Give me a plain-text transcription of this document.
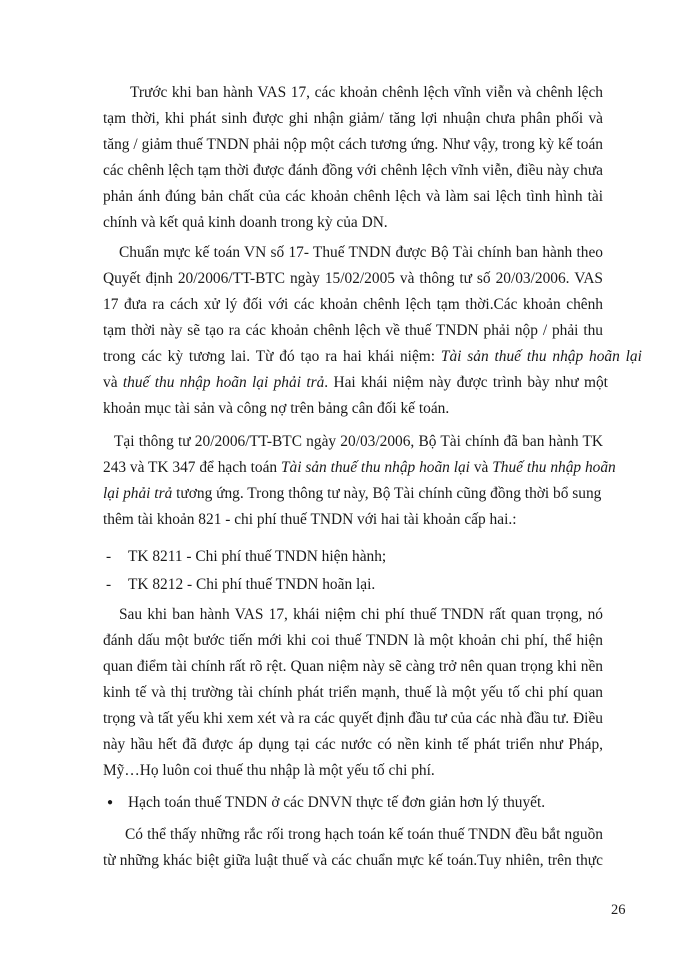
Trước khi ban hành VAS 17, các khoản chênh lệch vĩnh viễn và chênh lệch
tạm thời, khi phát sinh được ghi nhận giảm/ tăng lợi nhuận chưa phân phối và
tăng / giảm thuế TNDN phải nộp một cách tương ứng. Như vậy, trong kỳ kế toán
các chênh lệch tạm thời được đánh đồng với chênh lệch vĩnh viễn, điều này chưa
phản ánh đúng bản chất của các khoản chênh lệch và làm sai lệch tình hình tài
chính và kết quả kinh doanh trong kỳ của DN.
Chuẩn mực kế toán VN số 17- Thuế TNDN được Bộ Tài chính ban hành theo
Quyết định 20/2006/TT-BTC ngày 15/02/2005 và thông tư số 20/03/2006. VAS
17 đưa ra cách xử lý đối với các khoản chênh lệch tạm thời.Các khoản chênh
tạm thời này sẽ tạo ra các khoản chênh lệch về thuế TNDN phải nộp / phải thu
trong các kỳ tương lai. Từ đó tạo ra hai khái niệm: Tài sản thuế thu nhập hoãn lại
và thuế thu nhập hoãn lại phải trả. Hai khái niệm này được trình bày như một
khoản mục tài sản và công nợ trên bảng cân đối kế toán.
Tại thông tư 20/2006/TT-BTC ngày 20/03/2006, Bộ Tài chính đã ban hành TK
243 và TK 347 để hạch toán Tài sản thuế thu nhập hoãn lại và Thuế thu nhập hoãn
lại phải trả tương ứng. Trong thông tư này, Bộ Tài chính cũng đồng thời bổ sung
thêm tài khoản 821 - chi phí thuế TNDN với hai tài khoản cấp hai.:
- TK 8211 - Chi phí thuế TNDN hiện hành;
- TK 8212 - Chi phí thuế TNDN hoãn lại.
Sau khi ban hành VAS 17, khái niệm chi phí thuế TNDN rất quan trọng, nó
đánh dấu một bước tiến mới khi coi thuế TNDN là một khoản chi phí, thể hiện
quan điểm tài chính rất rõ rệt. Quan niệm này sẽ càng trở nên quan trọng khi nền
kinh tế và thị trường tài chính phát triển mạnh, thuế là một yếu tố chi phí quan
trọng và tất yếu khi xem xét và ra các quyết định đầu tư của các nhà đầu tư. Điều
này hầu hết đã được áp dụng tại các nước có nền kinh tế phát triển như Pháp,
Mỹ…Họ luôn coi thuế thu nhập là một yếu tố chi phí.
● Hạch toán thuế TNDN ở các DNVN thực tế đơn giản hơn lý thuyết.
Có thể thấy những rắc rối trong hạch toán kế toán thuế TNDN đều bắt nguồn
từ những khác biệt giữa luật thuế và các chuẩn mực kế toán.Tuy nhiên, trên thực
26
